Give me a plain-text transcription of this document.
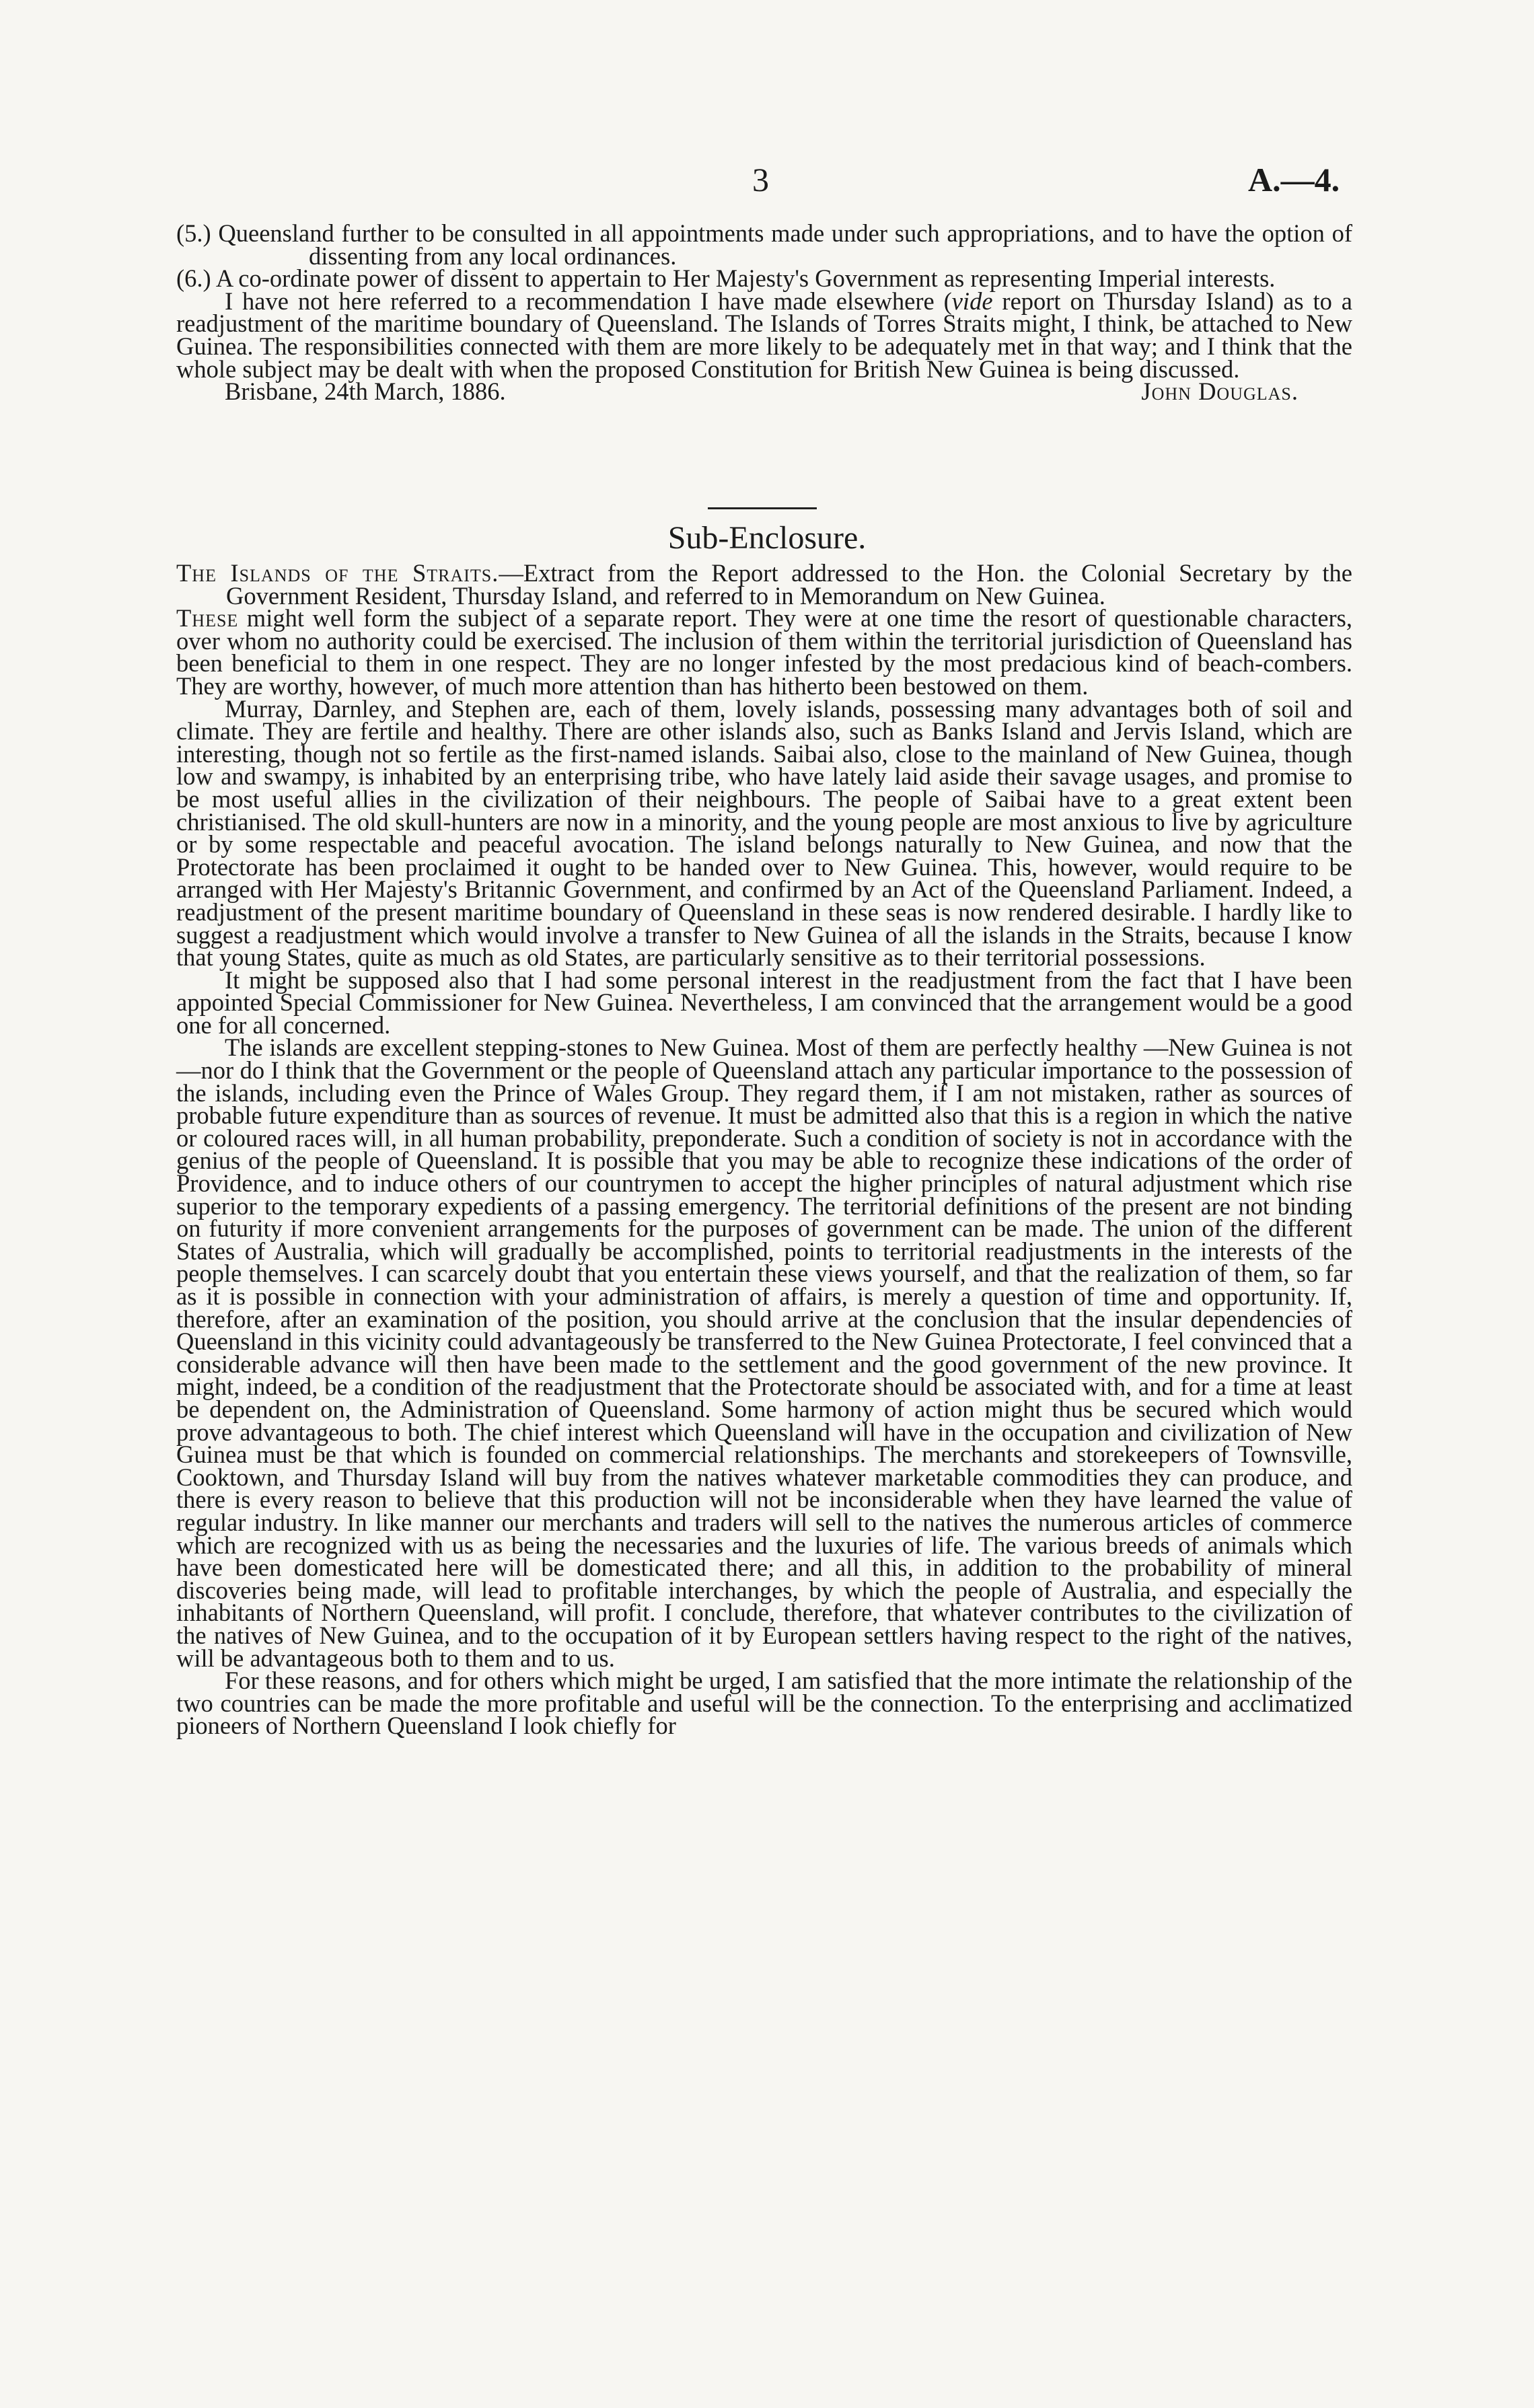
3	A.—4.

(5.) Queensland further to be consulted in all appointments made under such appropriations, and to have the option of dissenting from any local ordinances.

(6.) A co-ordinate power of dissent to appertain to Her Majesty's Government as representing Imperial interests.

I have not here referred to a recommendation I have made elsewhere (vide report on Thursday Island) as to a readjustment of the maritime boundary of Queensland. The Islands of Torres Straits might, I think, be attached to New Guinea. The responsibilities connected with them are more likely to be adequately met in that way; and I think that the whole subject may be dealt with when the proposed Constitution for British New Guinea is being discussed.

Brisbane, 24th March, 1886.	John Douglas.
Sub-Enclosure.

The Islands of the Straits.—Extract from the Report addressed to the Hon. the Colonial Secretary by the Government Resident, Thursday Island, and referred to in Memorandum on New Guinea.

These might well form the subject of a separate report. They were at one time the resort of questionable characters, over whom no authority could be exercised. The inclusion of them within the territorial jurisdiction of Queensland has been beneficial to them in one respect. They are no longer infested by the most predacious kind of beach-combers. They are worthy, however, of much more attention than has hitherto been bestowed on them.

Murray, Darnley, and Stephen are, each of them, lovely islands, possessing many advantages both of soil and climate. They are fertile and healthy. There are other islands also, such as Banks Island and Jervis Island, which are interesting, though not so fertile as the first-named islands. Saibai also, close to the mainland of New Guinea, though low and swampy, is inhabited by an enterprising tribe, who have lately laid aside their savage usages, and promise to be most useful allies in the civilization of their neighbours. The people of Saibai have to a great extent been christianised. The old skull-hunters are now in a minority, and the young people are most anxious to live by agriculture or by some respectable and peaceful avocation. The island belongs naturally to New Guinea, and now that the Protectorate has been proclaimed it ought to be handed over to New Guinea. This, however, would require to be arranged with Her Majesty's Britannic Government, and confirmed by an Act of the Queensland Parliament. Indeed, a readjustment of the present maritime boundary of Queensland in these seas is now rendered desirable. I hardly like to suggest a readjustment which would involve a transfer to New Guinea of all the islands in the Straits, because I know that young States, quite as much as old States, are particularly sensitive as to their territorial possessions.

It might be supposed also that I had some personal interest in the readjustment from the fact that I have been appointed Special Commissioner for New Guinea. Nevertheless, I am convinced that the arrangement would be a good one for all concerned.

The islands are excellent stepping-stones to New Guinea. Most of them are perfectly healthy —New Guinea is not—nor do I think that the Government or the people of Queensland attach any particular importance to the possession of the islands, including even the Prince of Wales Group. They regard them, if I am not mistaken, rather as sources of probable future expenditure than as sources of revenue. It must be admitted also that this is a region in which the native or coloured races will, in all human probability, preponderate. Such a condition of society is not in accordance with the genius of the people of Queensland. It is possible that you may be able to recognize these indications of the order of Providence, and to induce others of our countrymen to accept the higher principles of natural adjustment which rise superior to the temporary expedients of a passing emergency. The territorial definitions of the present are not binding on futurity if more convenient arrangements for the purposes of government can be made. The union of the different States of Australia, which will gradually be accomplished, points to territorial readjustments in the interests of the people themselves. I can scarcely doubt that you entertain these views yourself, and that the realization of them, so far as it is possible in connection with your administration of affairs, is merely a question of time and opportunity. If, therefore, after an examination of the position, you should arrive at the conclusion that the insular dependencies of Queensland in this vicinity could advantageously be transferred to the New Guinea Protectorate, I feel convinced that a considerable advance will then have been made to the settlement and the good government of the new province. It might, indeed, be a condition of the readjustment that the Protectorate should be associated with, and for a time at least be dependent on, the Administration of Queensland. Some harmony of action might thus be secured which would prove advantageous to both. The chief interest which Queensland will have in the occupation and civilization of New Guinea must be that which is founded on commercial relationships. The merchants and storekeepers of Townsville, Cooktown, and Thursday Island will buy from the natives whatever marketable commodities they can produce, and there is every reason to believe that this production will not be inconsiderable when they have learned the value of regular industry. In like manner our merchants and traders will sell to the natives the numerous articles of commerce which are recognized with us as being the necessaries and the luxuries of life. The various breeds of animals which have been domesticated here will be domesticated there; and all this, in addition to the probability of mineral discoveries being made, will lead to profitable interchanges, by which the people of Australia, and especially the inhabitants of Northern Queensland, will profit. I conclude, therefore, that whatever contributes to the civilization of the natives of New Guinea, and to the occupation of it by European settlers having respect to the right of the natives, will be advantageous both to them and to us.

For these reasons, and for others which might be urged, I am satisfied that the more intimate the relationship of the two countries can be made the more profitable and useful will be the connection. To the enterprising and acclimatized pioneers of Northern Queensland I look chiefly for
